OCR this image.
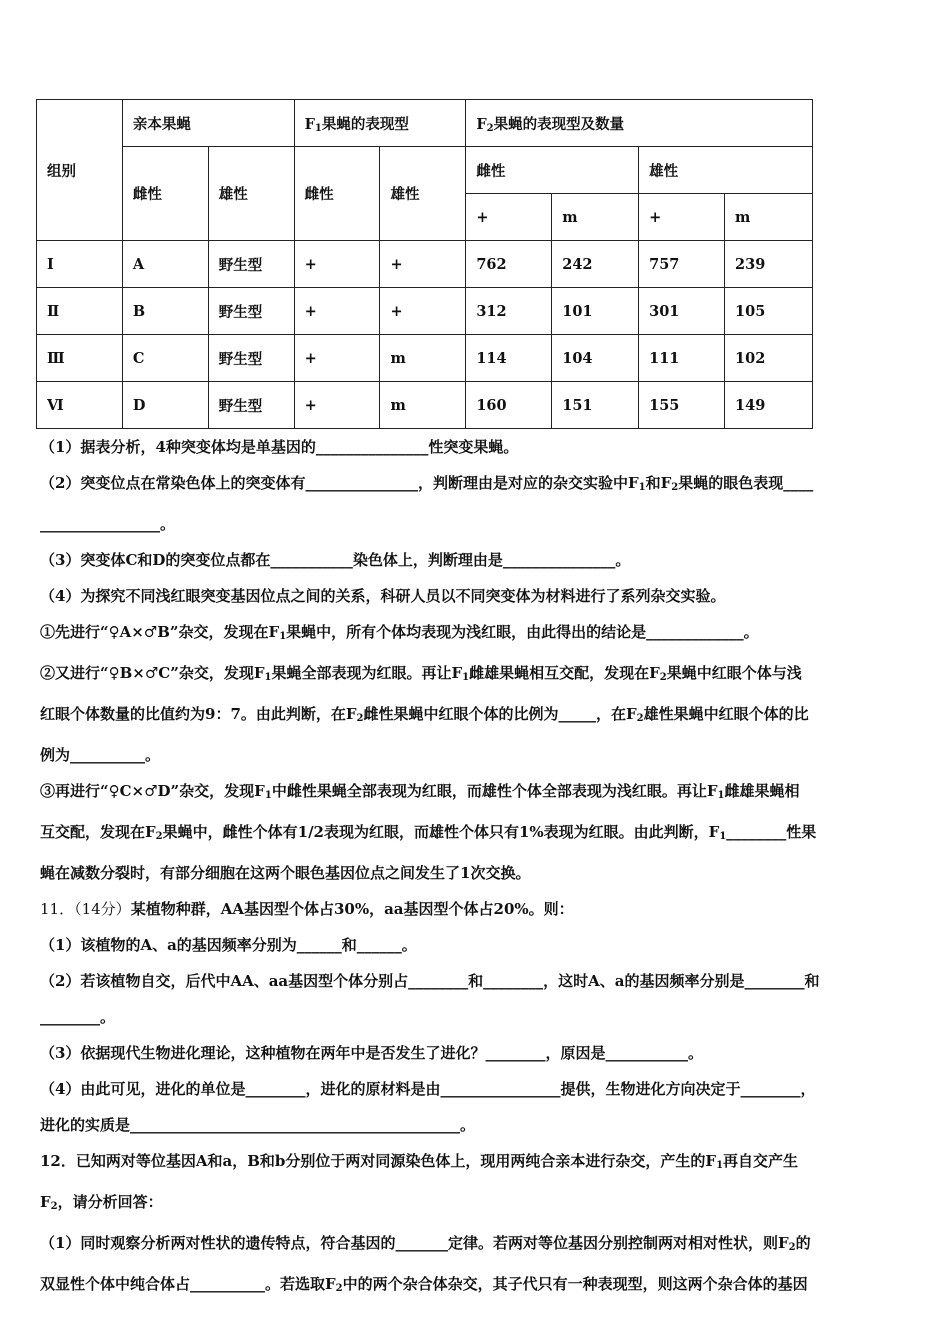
组别	亲本果蝇		$F_1$果蝇的表现型		$F_2$果蝇的表现型及数量			
	雌性	雄性	雌性	雄性	雌性		雄性	
					+	m	+	m
Ⅰ	A	野生型	+	+	762	242	757	239
Ⅱ	B	野生型	+	+	312	101	301	105
Ⅲ	C	野生型	+	m	114	104	111	102
Ⅵ	D	野生型	+	m	160	151	155	149

（1）据表分析，4种突变体均是单基因的_______________性突变果蝇。

（2）突变位点在常染色体上的突变体有_______________，判断理由是对应的杂交实验中$F_1$和$F_2$果蝇的眼色表现____

________________。

（3）突变体C和D的突变位点都在___________染色体上，判断理由是_______________。

（4）为探究不同浅红眼突变基因位点之间的关系，科研人员以不同突变体为材料进行了系列杂交实验。

①先进行“♀A×♂B”杂交，发现在$F_1$果蝇中，所有个体均表现为浅红眼，由此得出的结论是_____________。

②又进行“♀B×♂C”杂交，发现$F_1$果蝇全部表现为红眼。再让$F_1$雌雄果蝇相互交配，发现在$F_2$果蝇中红眼个体与浅

红眼个体数量的比值约为9：7。由此判断，在$F_2$雌性果蝇中红眼个体的比例为_____，在$F_2$雄性果蝇中红眼个体的比

例为__________。

③再进行“♀C×♂D”杂交，发现$F_1$中雌性果蝇全部表现为红眼，而雄性个体全部表现为浅红眼。再让$F_1$雌雄果蝇相

互交配，发现在$F_2$果蝇中，雌性个体有1/2表现为红眼，而雄性个体只有1%表现为红眼。由此判断，$F_1\_\_\_\_\_\_\_\_$性果

蝇在减数分裂时，有部分细胞在这两个眼色基因位点之间发生了1次交换。

11．（14分）某植物种群，AA基因型个体占30%，aa基因型个体占20%。则：

（1）该植物的A、a的基因频率分别为______和______。

（2）若该植物自交，后代中AA、aa基因型个体分别占________和________，这时A、a的基因频率分别是________和

________。

（3）依据现代生物进化理论，这种植物在两年中是否发生了进化？________，原因是___________。

（4）由此可见，进化的单位是________，进化的原材料是由________________提供，生物进化方向决定于________，

进化的实质是____________________________________________。

12．已知两对等位基因A和a，B和b分别位于两对同源染色体上，现用两纯合亲本进行杂交，产生的$F_1$再自交产生

$F_2$，请分析回答：

（1）同时观察分析两对性状的遗传特点，符合基因的_______定律。若两对等位基因分别控制两对相对性状，则$F_2$的

双显性个体中纯合体占__________。若选取$F_2$中的两个杂合体杂交，其子代只有一种表现型，则这两个杂合体的基因
